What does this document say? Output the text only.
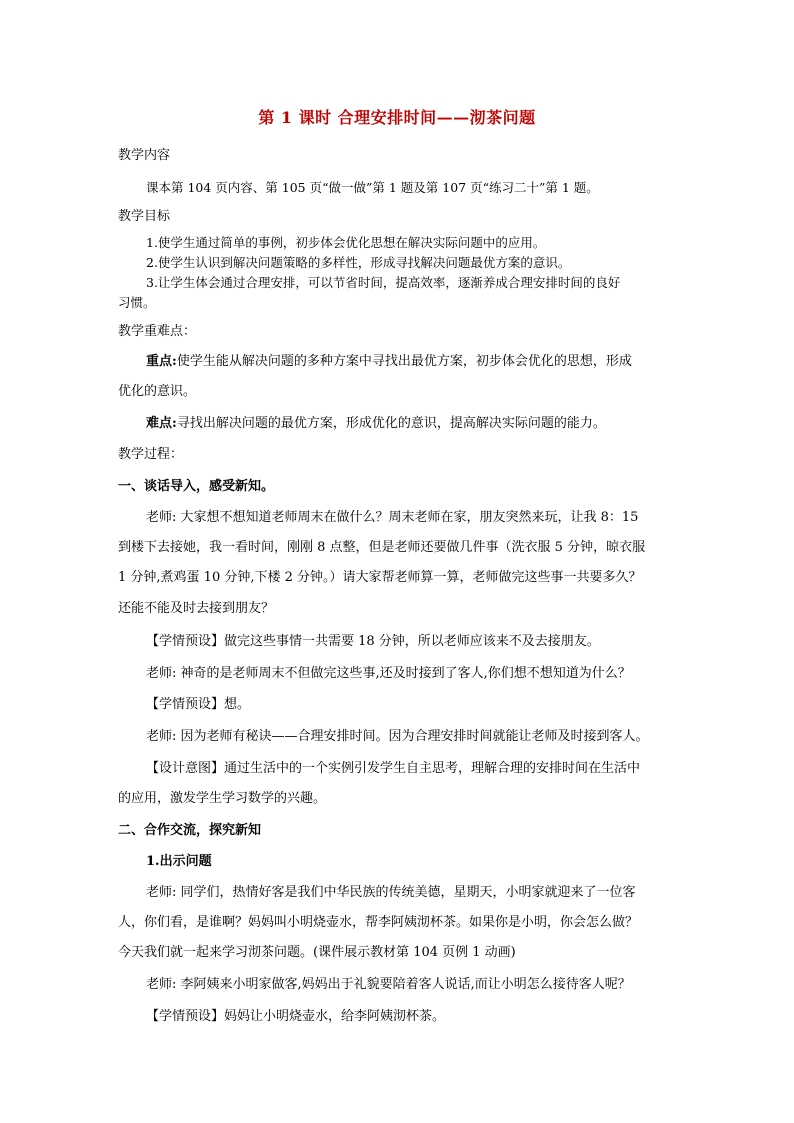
第 1 课时 合理安排时间——沏茶问题
教学内容
课本第 104 页内容、第 105 页“做一做”第 1 题及第 107 页“练习二十”第 1 题。
教学目标
1.使学生通过简单的事例，初步体会优化思想在解决实际问题中的应用。
2.使学生认识到解决问题策略的多样性，形成寻找解决问题最优方案的意识。
3.让学生体会通过合理安排，可以节省时间，提高效率，逐渐养成合理安排时间的良好
习惯。
教学重难点：
重点:使学生能从解决问题的多种方案中寻找出最优方案，初步体会优化的思想，形成
优化的意识。
难点:寻找出解决问题的最优方案，形成优化的意识，提高解决实际问题的能力。
教学过程：
一、谈话导入，感受新知。
老师: 大家想不想知道老师周末在做什么？周末老师在家，朋友突然来玩，让我 8：15
到楼下去接她，我一看时间，刚刚 8 点整，但是老师还要做几件事（洗衣服 5 分钟，晾衣服
1 分钟,煮鸡蛋 10 分钟,下楼 2 分钟。）请大家帮老师算一算，老师做完这些事一共要多久？
还能不能及时去接到朋友？
【学情预设】做完这些事情一共需要 18 分钟，所以老师应该来不及去接朋友。
老师: 神奇的是老师周末不但做完这些事,还及时接到了客人,你们想不想知道为什么？
【学情预设】想。
老师: 因为老师有秘诀——合理安排时间。因为合理安排时间就能让老师及时接到客人。
【设计意图】通过生活中的一个实例引发学生自主思考，理解合理的安排时间在生活中
的应用，激发学生学习数学的兴趣。
二、合作交流，探究新知
1.出示问题
老师: 同学们，热情好客是我们中华民族的传统美德，星期天，小明家就迎来了一位客
人，你们看，是谁啊？妈妈叫小明烧壶水，帮李阿姨沏杯茶。如果你是小明，你会怎么做？
今天我们就一起来学习沏茶问题。(课件展示教材第 104 页例 1 动画)
老师: 李阿姨来小明家做客,妈妈出于礼貌要陪着客人说话,而让小明怎么接待客人呢？
【学情预设】妈妈让小明烧壶水，给李阿姨沏杯茶。
